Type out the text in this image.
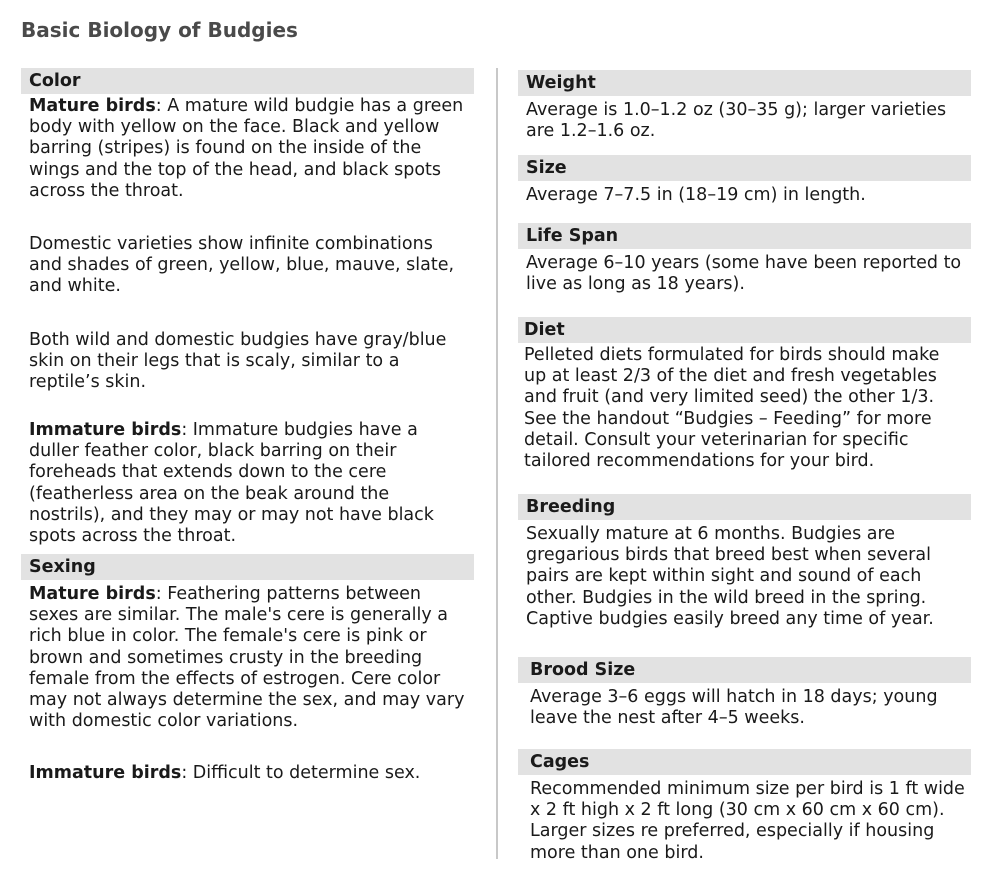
Basic Biology of Budgies
Color

Mature birds: A mature wild budgie has a green body with yellow on the face. Black and yellow barring (stripes) is found on the inside of the wings and the top of the head, and black spots across the throat.

Domestic varieties show infinite combinations and shades of green, yellow, blue, mauve, slate, and white.

Both wild and domestic budgies have gray/blue skin on their legs that is scaly, similar to a reptile’s skin.

Immature birds: Immature budgies have a duller feather color, black barring on their foreheads that extends down to the cere (featherless area on the beak around the nostrils), and they may or may not have black spots across the throat.

Sexing

Mature birds: Feathering patterns between sexes are similar. The male's cere is generally a rich blue in color. The female's cere is pink or brown and sometimes crusty in the breeding female from the effects of estrogen. Cere color may not always determine the sex, and may vary with domestic color variations.

Immature birds: Difficult to determine sex.

Weight

Average is 1.0–1.2 oz (30–35 g); larger varieties are 1.2–1.6 oz.

Size

Average 7–7.5 in (18–19 cm) in length.

Life Span

Average 6–10 years (some have been reported to live as long as 18 years).

Diet

Pelleted diets formulated for birds should make up at least 2/3 of the diet and fresh vegetables and fruit (and very limited seed) the other 1/3. See the handout “Budgies – Feeding” for more detail. Consult your veterinarian for specific tailored recommendations for your bird.

Breeding

Sexually mature at 6 months. Budgies are gregarious birds that breed best when several pairs are kept within sight and sound of each other. Budgies in the wild breed in the spring. Captive budgies easily breed any time of year.

Brood Size

Average 3–6 eggs will hatch in 18 days; young leave the nest after 4–5 weeks.

Cages

Recommended minimum size per bird is 1 ft wide x 2 ft high x 2 ft long (30 cm x 60 cm x 60 cm). Larger sizes re preferred, especially if housing more than one bird.
